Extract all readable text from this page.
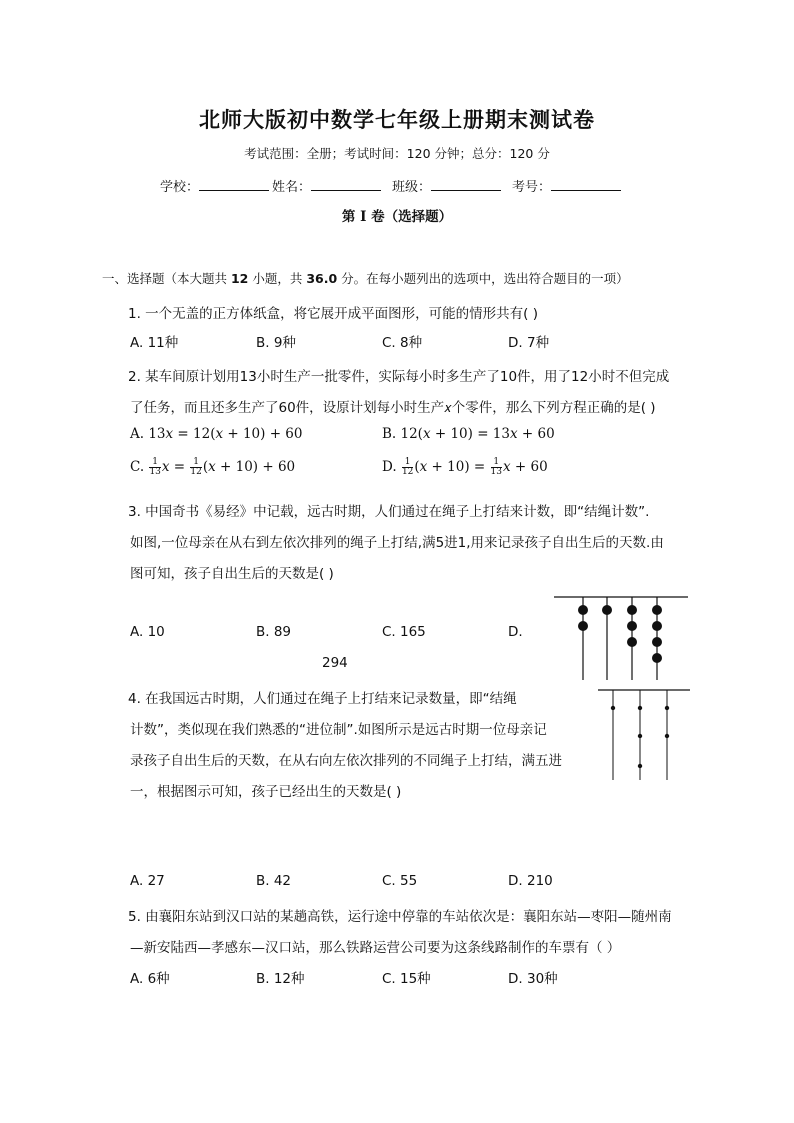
北师大版初中数学七年级上册期末测试卷
考试范围：全册；考试时间：120 分钟；总分：120 分
学校：	姓名：	班级：	考号：
第 I 卷（选择题）
一、选择题（本大题共 12 小题，共 36.0 分。在每小题列出的选项中，选出符合题目的一项）
1. 一个无盖的正方体纸盒，将它展开成平面图形，可能的情形共有( )
A. 11种	B. 9种	C. 8种	D. 7种
2. 某车间原计划用13小时生产一批零件，实际每小时多生产了10件，用了12小时不但完成
了任务，而且还多生产了60件，设原计划每小时生产𝑥个零件，那么下列方程正确的是( )
A. 13𝑥 = 12(𝑥 + 10) + 60	B. 12(𝑥 + 10) = 13𝑥 + 60
C. $\frac{1}{13}$ 𝑥 = $\frac{1}{12}$ (𝑥 + 10) + 60	D. $\frac{1}{12}$ (𝑥 + $10) = \frac{1}{13}$ 𝑥 + 60
3. 中国奇书《易经》中记载，远古时期，人们通过在绳子上打结来计数，即“结绳计数”.
如图,一位母亲在从右到左依次排列的绳子上打结,满5进1,用来记录孩子自出生后的天数.由
图可知，孩子自出生后的天数是( )
A. 10	B. 89	C. 165	D.
294
4. 在我国远古时期，人们通过在绳子上打结来记录数量，即“结绳
计数”，类似现在我们熟悉的“进位制”.如图所示是远古时期一位母亲记
录孩子自出生后的天数，在从右向左依次排列的不同绳子上打结，满五进
一，根据图示可知，孩子已经出生的天数是( )
A. 27	B. 42	C. 55	D. 210
5. 由襄阳东站到汉口站的某趟高铁，运行途中停靠的车站依次是：襄阳东站—枣阳—随州南
—新安陆西—孝感东—汉口站，那么铁路运营公司要为这条线路制作的车票有（ ）
A. 6种	B. 12种	C. 15种	D. 30种
